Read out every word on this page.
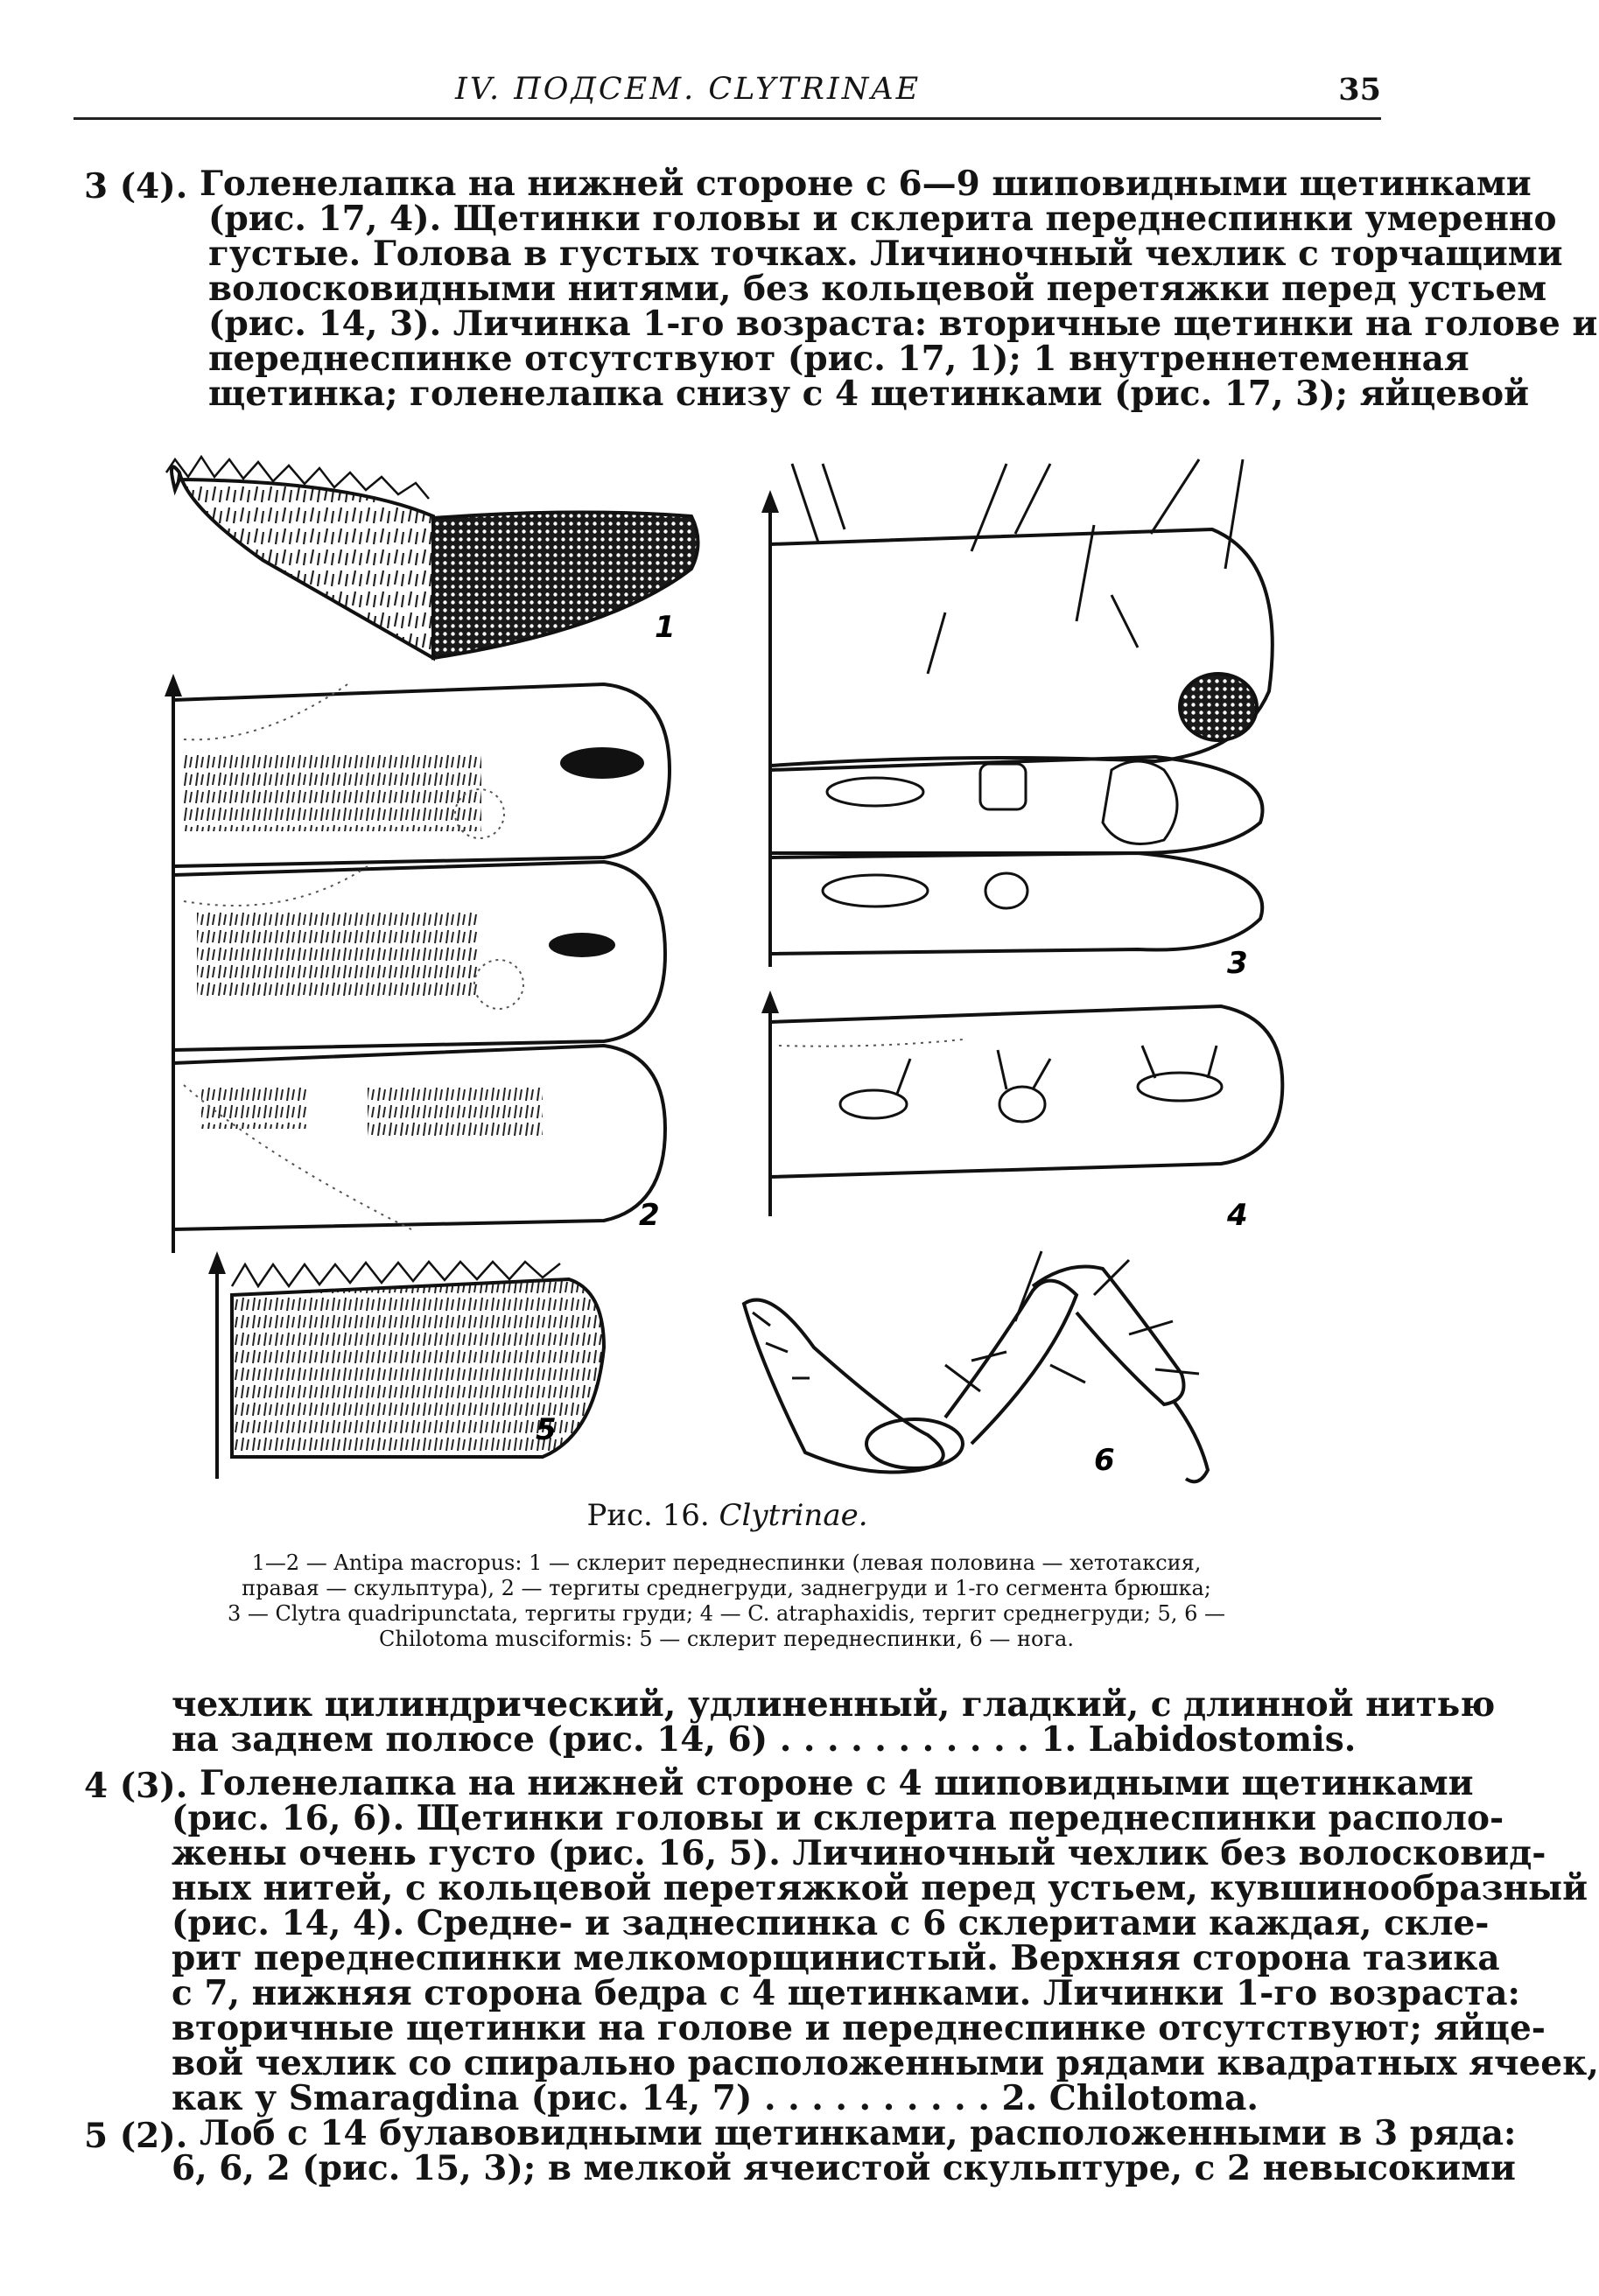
IV. ПОДСЕМ. CLYTRINAE	35
3 (4). Голенелапка на нижней стороне с 6—9 шиповидными щетинками
(рис. 17, 4). Щетинки головы и склерита переднеспинки умеренно
густые. Голова в густых точках. Личиночный чехлик с торчащими
волосковидными нитями, без кольцевой перетяжки перед устьем
(рис. 14, 3). Личинка 1-го возраста: вторичные щетинки на голове и
переднеспинке отсутствуют (рис. 17, 1); 1 внутреннетеменная
щетинка; голенелапка снизу с 4 щетинками (рис. 17, 3); яйцевой
1
2
3
4
5
6
Рис. 16. Clytrinae.
1—2 — Antipa macropus: 1 — склерит переднеспинки (левая половина — хетотаксия,
правая — скульптура), 2 — тергиты среднегруди, заднегруди и 1-го сегмента брюшка;
3 — Clytra quadripunctata, тергиты груди; 4 — C. atraphaxidis, тергит среднегруди; 5, 6 —
Chilotoma musciformis: 5 — склерит переднеспинки, 6 — нога.
чехлик цилиндрический, удлиненный, гладкий, с длинной нитью
на заднем полюсе (рис. 14, 6) . . . . . . . . . . . 1. Labidostomis.
4 (3). Голенелапка на нижней стороне с 4 шиповидными щетинками
(рис. 16, 6). Щетинки головы и склерита переднеспинки располо-
жены очень густо (рис. 16, 5). Личиночный чехлик без волосковид-
ных нитей, с кольцевой перетяжкой перед устьем, кувшинообразный
(рис. 14, 4). Средне- и заднеспинка с 6 склеритами каждая, скле-
рит переднеспинки мелкоморщинистый. Верхняя сторона тазика
с 7, нижняя сторона бедра с 4 щетинками. Личинки 1-го возраста:
вторичные щетинки на голове и переднеспинке отсутствуют; яйце-
вой чехлик со спирально расположенными рядами квадратных ячеек,
как у Smaragdina (рис. 14, 7) . . . . . . . . . . 2. Chilotoma.
5 (2). Лоб с 14 булавовидными щетинками, расположенными в 3 ряда:
6, 6, 2 (рис. 15, 3); в мелкой ячеистой скульптуре, с 2 невысокими
